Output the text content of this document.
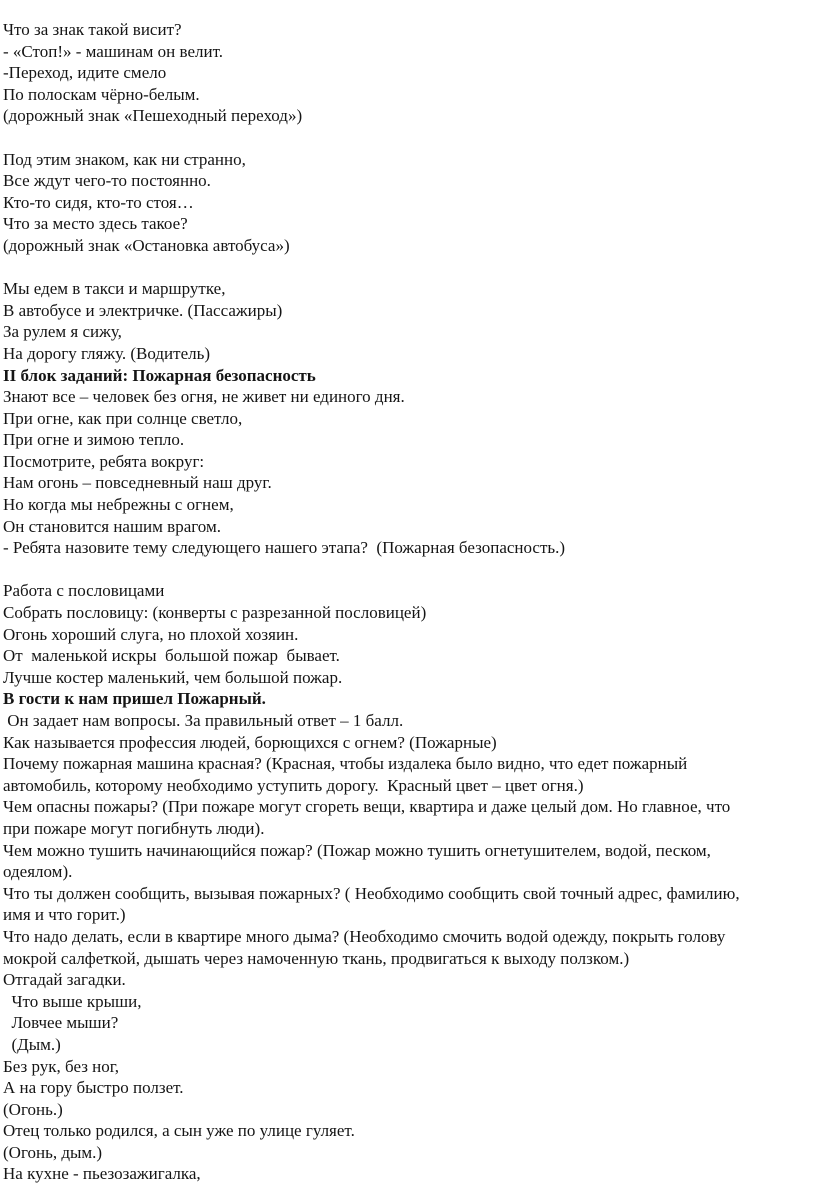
Что за знак такой висит?
- «Стоп!» - машинам он велит.
-Переход, идите смело
По полоскам чёрно-белым.
(дорожный знак «Пешеходный переход»)
Под этим знаком, как ни странно,
Все ждут чего-то постоянно.
Кто-то сидя, кто-то стоя…
Что за место здесь такое?
(дорожный знак «Остановка автобуса»)
Мы едем в такси и маршрутке,
В автобусе и электричке. (Пассажиры)
За рулем я сижу,
На дорогу гляжу. (Водитель)
II блок заданий: Пожарная безопасность
Знают все – человек без огня, не живет ни единого дня.
При огне, как при солнце светло,
При огне и зимою тепло.
Посмотрите, ребята вокруг:
Нам огонь – повседневный наш друг.
Но когда мы небрежны с огнем,
Он становится нашим врагом.
- Ребята назовите тему следующего нашего этапа?  (Пожарная безопасность.)
Работа с пословицами
Собрать пословицу: (конверты с разрезанной пословицей)
Огонь хороший слуга, но плохой хозяин.
От  маленькой искры  большой пожар  бывает.
Лучше костер маленький, чем большой пожар.
В гости к нам пришел Пожарный.
Он задает нам вопросы. За правильный ответ – 1 балл.
Как называется профессия людей, борющихся с огнем? (Пожарные)
Почему пожарная машина красная? (Красная, чтобы издалека было видно, что едет пожарный
автомобиль, которому необходимо уступить дорогу.  Красный цвет – цвет огня.)
Чем опасны пожары? (При пожаре могут сгореть вещи, квартира и даже целый дом. Но главное, что
при пожаре могут погибнуть люди).
Чем можно тушить начинающийся пожар? (Пожар можно тушить огнетушителем, водой, песком,
одеялом).
Что ты должен сообщить, вызывая пожарных? ( Необходимо сообщить свой точный адрес, фамилию,
имя и что горит.)
Что надо делать, если в квартире много дыма? (Необходимо смочить водой одежду, покрыть голову
мокрой салфеткой, дышать через намоченную ткань, продвигаться к выходу ползком.)
Отгадай загадки.
Что выше крыши,
Ловчее мыши?
(Дым.)
Без рук, без ног,
А на гору быстро ползет.
(Огонь.)
Отец только родился, а сын уже по улице гуляет.
(Огонь, дым.)
На кухне - пьезозажигалка,
